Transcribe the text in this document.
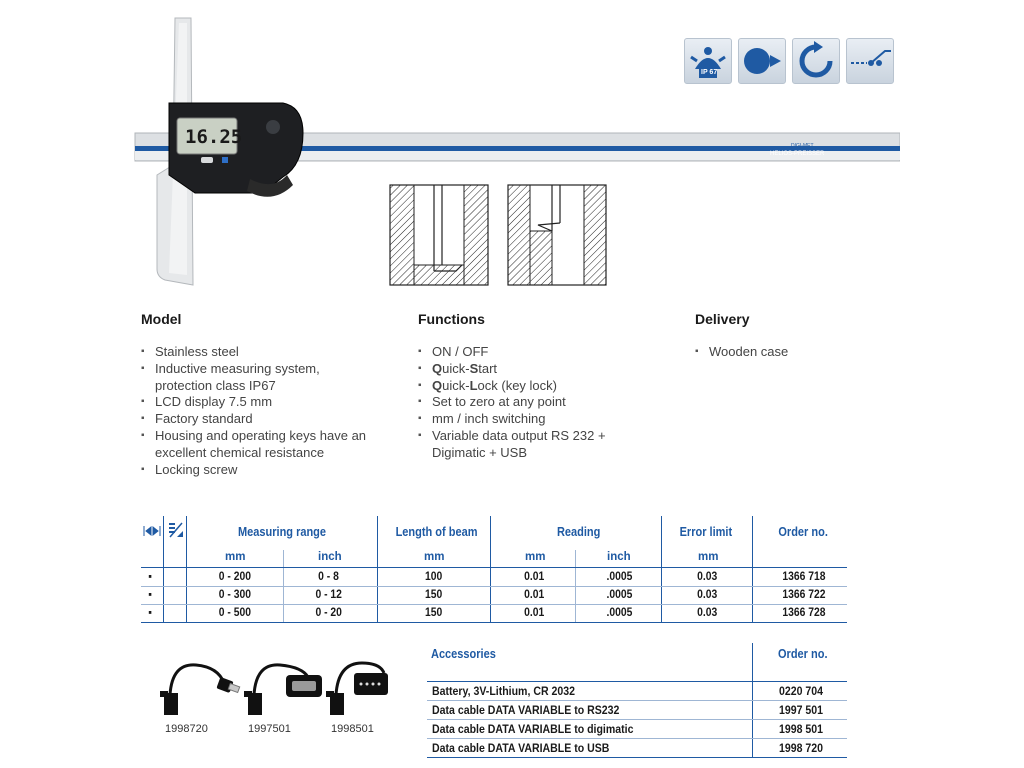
IP 67
DIGI-MET
HELIOS-PREISSER
16.25
Model
▪ Stainless steel
▪ Inductive measuring system,
protection class IP67
▪ LCD display 7.5 mm
▪ Factory standard
▪ Housing and operating keys have an
excellent chemical resistance
▪ Locking screw
Functions
▪ ON / OFF
▪ Quick-Start
▪ Quick-Lock (key lock)
▪ Set to zero at any point
▪ mm / inch switching
▪ Variable data output RS 232 +
Digimatic + USB
Delivery
▪ Wooden case
Measuring range	Length of beam	Reading	Error limit	Order no.
mm	inch	mm	mm	inch	mm
▪	0 - 200	0 - 8	100	0.01	.0005	0.03	1366 718
▪	0 - 300	0 - 12	150	0.01	.0005	0.03	1366 722
▪	0 - 500	0 - 20	150	0.01	.0005	0.03	1366 728
1998720	1997501	1998501
Accessories	Order no.
Battery, 3V-Lithium, CR 2032	0220 704
Data cable DATA VARIABLE to RS232	1997 501
Data cable DATA VARIABLE to digimatic	1998 501
Data cable DATA VARIABLE to USB	1998 720
